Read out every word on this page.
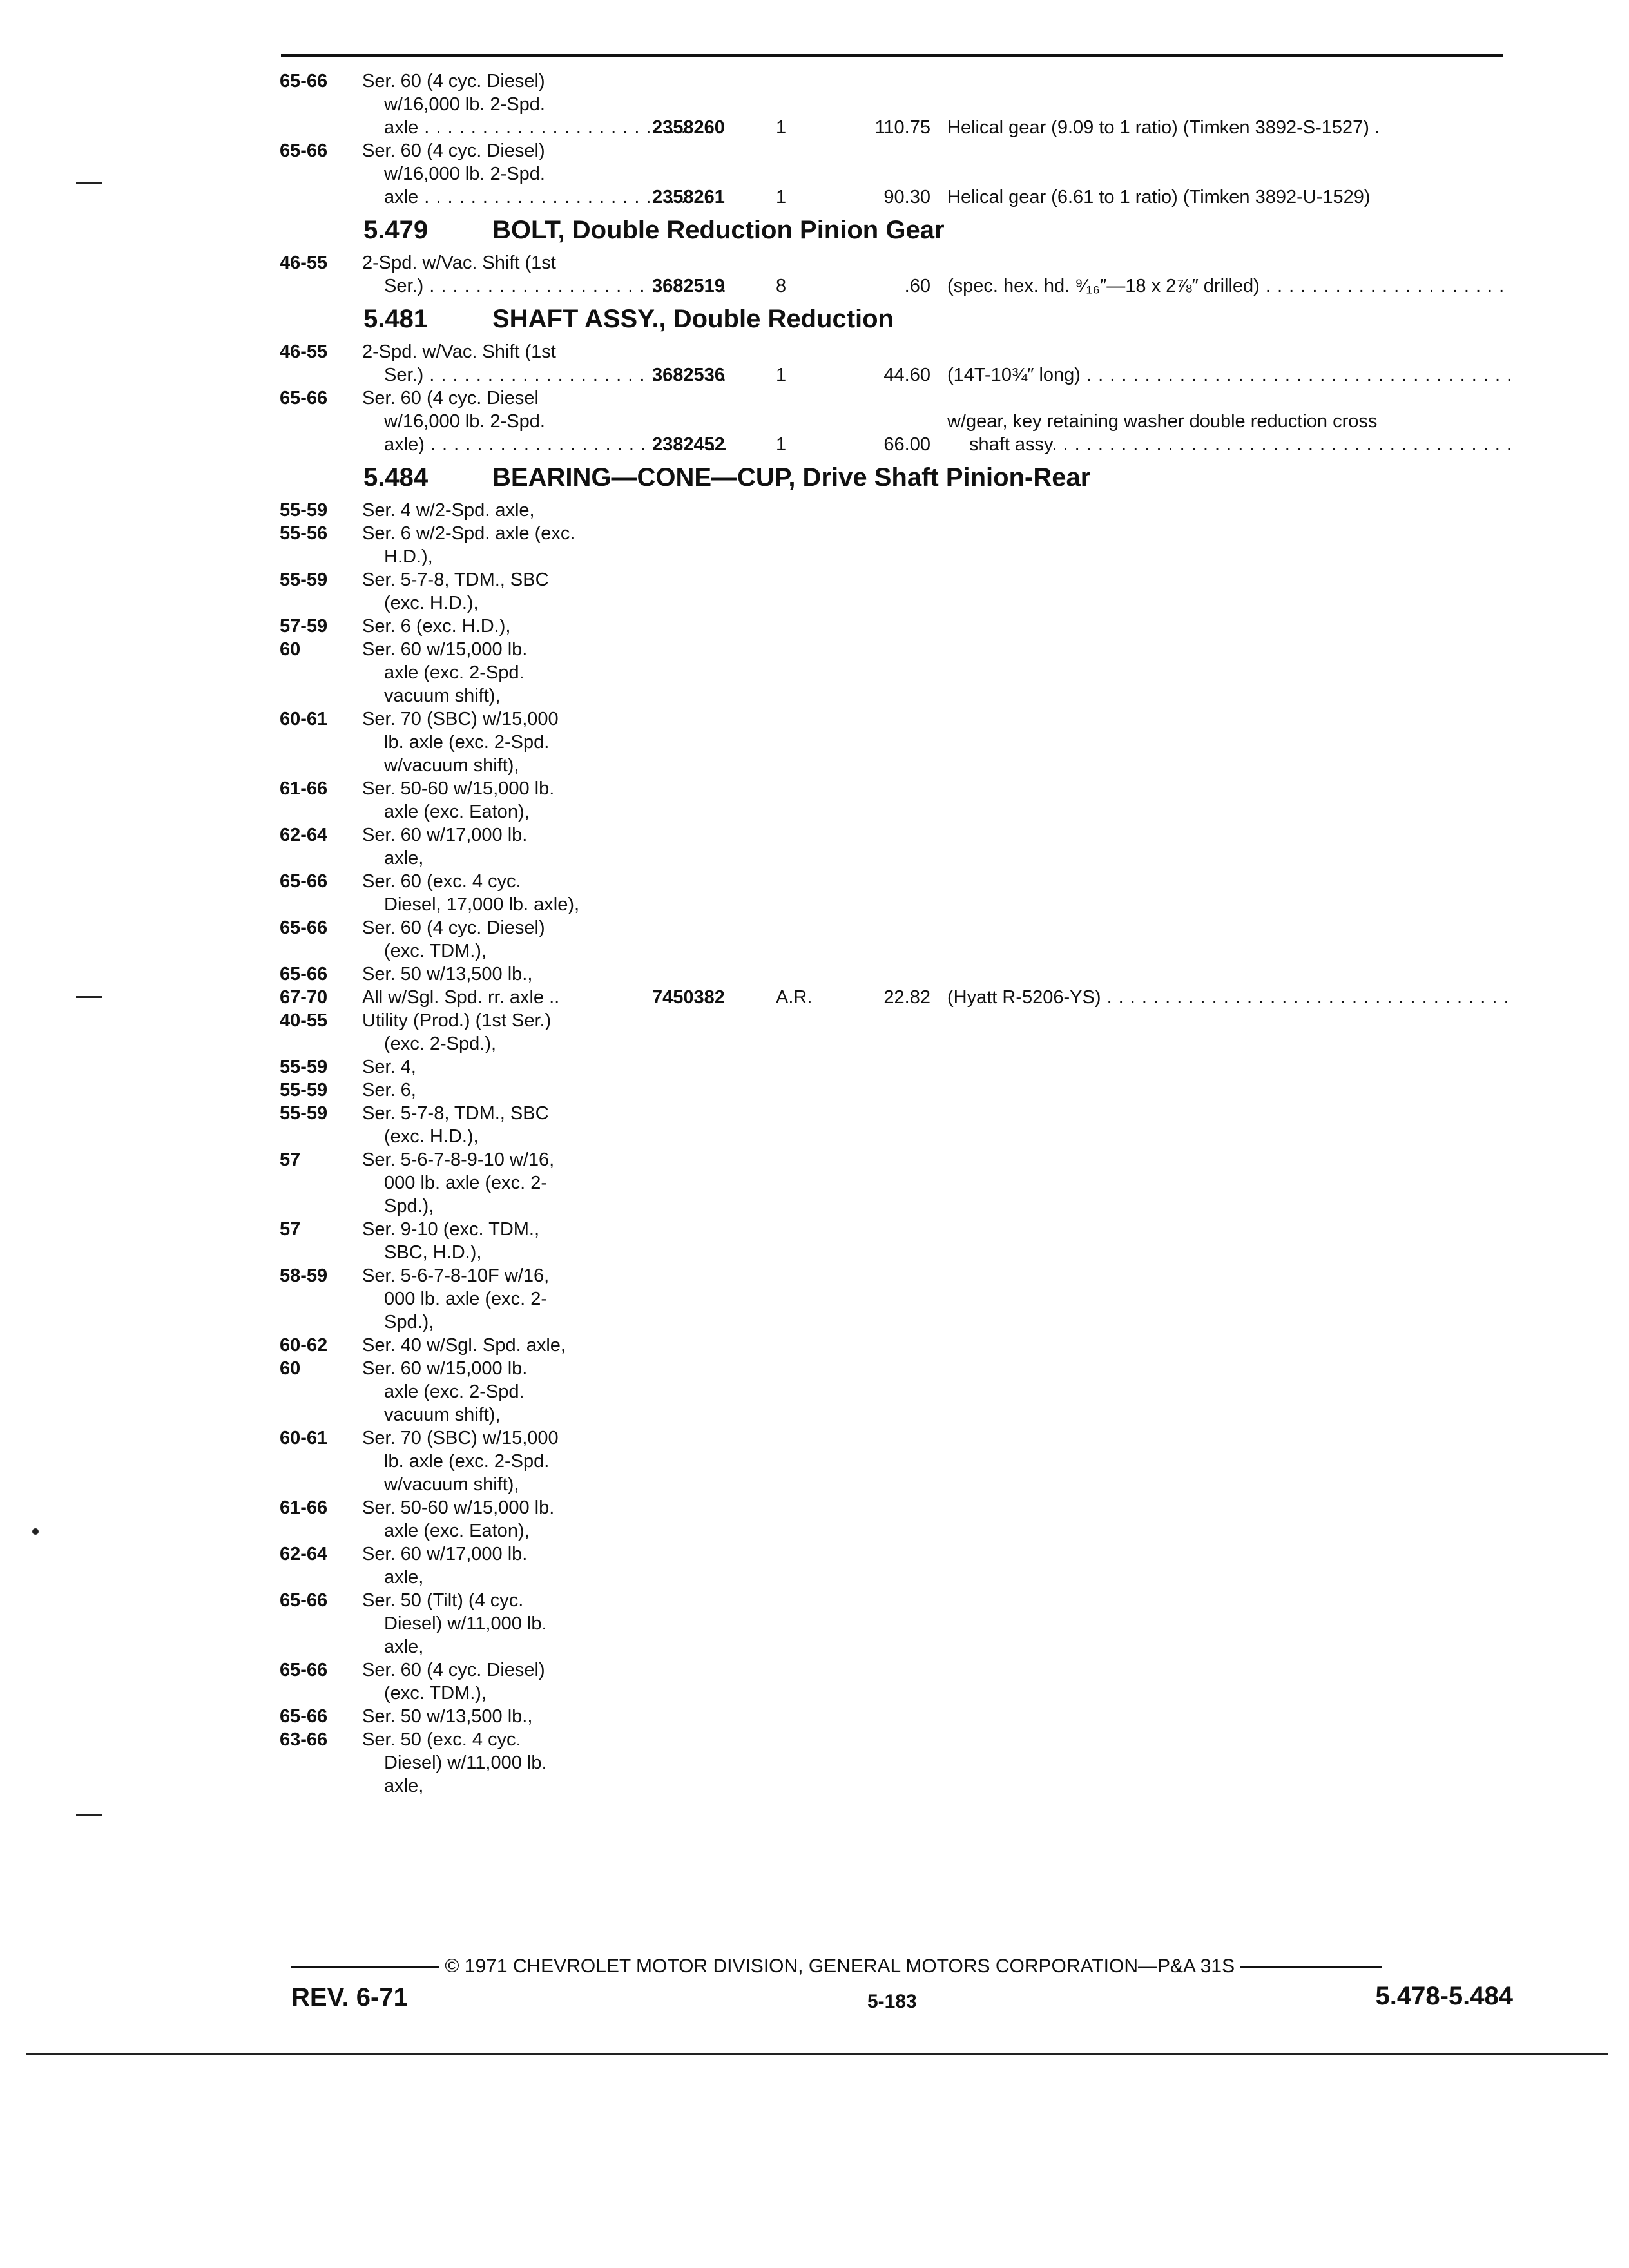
65-66 Ser. 60 (4 cyc. Diesel)
w/16,000 lb. 2-Spd.
axle . . .	2358260	1	110.75 Helical gear (9.09 to 1 ratio) (Timken 3892-S-1527) .
65-66 Ser. 60 (4 cyc. Diesel)
w/16,000 lb. 2-Spd.
axle . . .	2358261	1	90.30 Helical gear (6.61 to 1 ratio) (Timken 3892-U-1529)
5.479 BOLT, Double Reduction Pinion Gear
46-55 2-Spd. w/Vac. Shift (1st
Ser.) . . .	3682519	8	.60 (spec. hex. hd. ⁹⁄₁₆″—18 x 2⅞″ drilled) . . .
5.481 SHAFT ASSY., Double Reduction
46-55 2-Spd. w/Vac. Shift (1st
Ser.) . . .	3682536	1	44.60 (14T-10¾″ long) . . .
65-66 Ser. 60 (4 cyc. Diesel
w/16,000 lb. 2-Spd.
axle) . . .	2382452	1	66.00
w/gear, key retaining washer double reduction cross
shaft assy. . . .
5.484 BEARING—CONE—CUP, Drive Shaft Pinion-Rear
55-59 Ser. 4 w/2-Spd. axle,
55-56 Ser. 6 w/2-Spd. axle (exc.
H.D.),
55-59 Ser. 5-7-8, TDM., SBC
(exc. H.D.),
57-59 Ser. 6 (exc. H.D.),
60	Ser. 60 w/15,000 lb.
axle (exc. 2-Spd.
vacuum shift),
60-61 Ser. 70 (SBC) w/15,000
lb. axle (exc. 2-Spd.
w/vacuum shift),
61-66 Ser. 50-60 w/15,000 lb.
axle (exc. Eaton),
62-64 Ser. 60 w/17,000 lb.
axle,
65-66 Ser. 60 (exc. 4 cyc.
Diesel, 17,000 lb. axle),
65-66 Ser. 60 (4 cyc. Diesel)
(exc. TDM.),
65-66 Ser. 50 w/13,500 lb.,
67-70 All w/Sgl. Spd. rr. axle ..	7450382	A.R.	22.82 (Hyatt R-5206-YS) . . .
40-55 Utility (Prod.) (1st Ser.)
(exc. 2-Spd.),
55-59 Ser. 4,
55-59 Ser. 6,
55-59 Ser. 5-7-8, TDM., SBC
(exc. H.D.),
57	Ser. 5-6-7-8-9-10 w/16,
000 lb. axle (exc. 2-
Spd.),
57	Ser. 9-10 (exc. TDM.,
SBC, H.D.),
58-59 Ser. 5-6-7-8-10F w/16,
000 lb. axle (exc. 2-
Spd.),
60-62 Ser. 40 w/Sgl. Spd. axle,
60	Ser. 60 w/15,000 lb.
axle (exc. 2-Spd.
vacuum shift),
60-61 Ser. 70 (SBC) w/15,000
lb. axle (exc. 2-Spd.
w/vacuum shift),
61-66 Ser. 50-60 w/15,000 lb.
axle (exc. Eaton),
62-64 Ser. 60 w/17,000 lb.
axle,
65-66 Ser. 50 (Tilt) (4 cyc.
Diesel) w/11,000 lb.
axle,
65-66 Ser. 60 (4 cyc. Diesel)
(exc. TDM.),
65-66 Ser. 50 w/13,500 lb.,
63-66 Ser. 50 (exc. 4 cyc.
Diesel) w/11,000 lb.
axle,
© 1971 CHEVROLET MOTOR DIVISION, GENERAL MOTORS CORPORATION—P&A 31S
REV. 6-71	5-183	5.478-5.484
